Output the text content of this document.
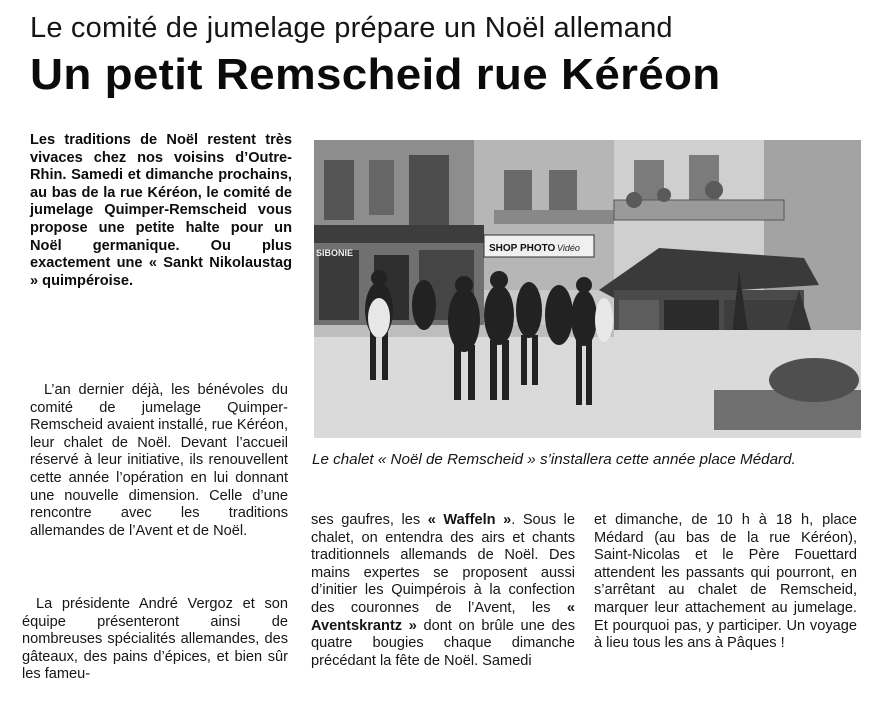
Le comité de jumelage prépare un Noël allemand
Un petit Remscheid rue Kéréon
Les traditions de Noël restent très vivaces chez nos voisins d’Outre-Rhin. Samedi et dimanche prochains, au bas de la rue Kéréon, le comité de jumelage Quimper-Remscheid vous propose une petite halte pour un Noël germanique. Ou plus exactement une « Sankt Nikolaustag » quimpéroise.

L’an dernier déjà, les bénévoles du comité de jumelage Quimper-Remscheid avaient installé, rue Kéréon, leur chalet de Noël. Devant l’accueil réservé à leur initiative, ils renouvellent cette année l’opération en lui donnant une nouvelle dimension. Celle d’une rencontre avec les traditions allemandes de l’Avent et de Noël.

La présidente André Vergoz et son équipe présenteront ainsi de nombreuses spécialités allemandes, des gâteaux, des pains d’épices, et bien sûr les fameu-

ses gaufres, les « Waffeln ». Sous le chalet, on entendra des airs et chants traditionnels allemands de Noël. Des mains expertes se proposent aussi d’initier les Quimpérois à la confection des couronnes de l’Avent, les « Aventskrantz » dont on brûle une des quatre bougies chaque dimanche précédant la fête de Noël. Samedi

et dimanche, de 10 h à 18 h, place Médard (au bas de la rue Kéréon), Saint-Nicolas et le Père Fouettard attendent les passants qui pourront, en s’arrêtant au chalet de Remscheid, marquer leur attachement au jumelage. Et pourquoi pas, y participer. Un voyage à lieu tous les ans à Pâques !

SIBONIE	SHOP PHOTO Vidéo
Le chalet « Noël de Remscheid » s’installera cette année place Médard.
